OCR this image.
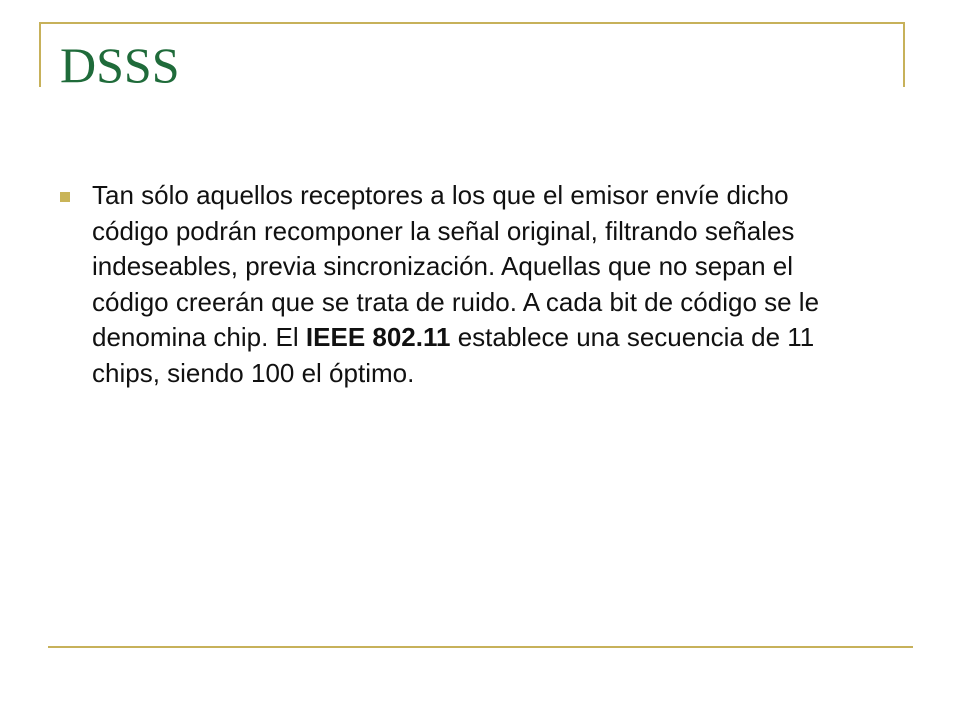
DSSS
Tan sólo aquellos receptores a los que el emisor envíe dicho código podrán recomponer la señal original, filtrando señales indeseables, previa sincronización. Aquellas que no sepan el código creerán que se trata de ruido. A cada bit de código se le denomina chip. El IEEE 802.11 establece una secuencia de 11 chips, siendo 100 el óptimo.
